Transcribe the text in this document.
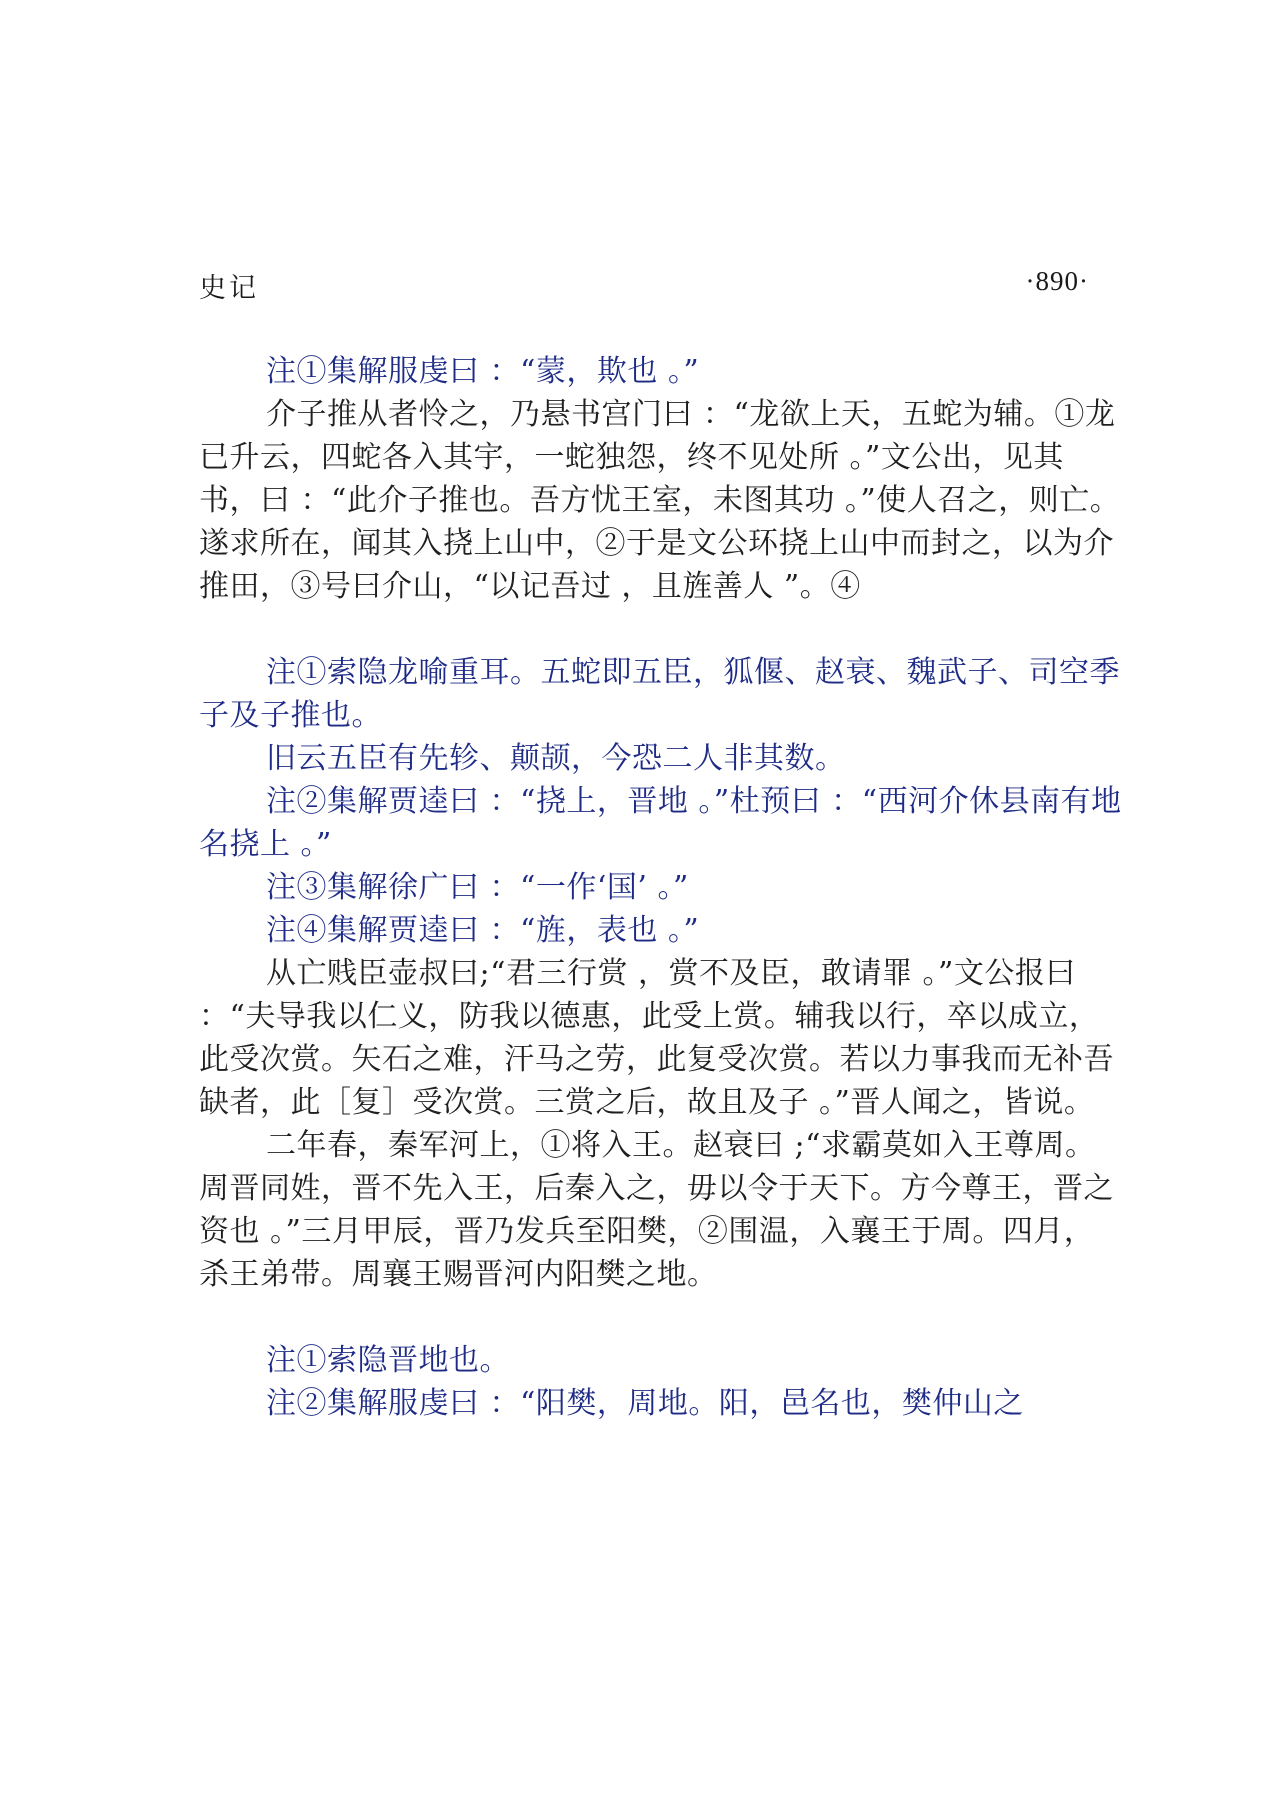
史记	·890·

注①集解服虔曰 ：“蒙，欺也 。”

介子推从者怜之，乃悬书宫门曰 ：“龙欲上天，五蛇为辅。①龙已升云，四蛇各入其宇，一蛇独怨，终不见处所 。”文公出，见其书，曰 ：“此介子推也。吾方忧王室，未图其功 。”使人召之，则亡。遂求所在，闻其入挠上山中，②于是文公环挠上山中而封之，以为介推田，③号曰介山，“以记吾过 ，且旌善人 ”。④

注①索隐龙喻重耳。五蛇即五臣，狐偃、赵衰、魏武子、司空季子及子推也。

旧云五臣有先轸、颠颉，今恐二人非其数。

注②集解贾逵曰 ：“挠上，晋地 。”杜预曰 ：“西河介休县南有地名挠上 。”

注③集解徐广曰 ：“一作‘国’ 。”

注④集解贾逵曰 ：“旌，表也 。”

从亡贱臣壶叔曰;“君三行赏 ，赏不及臣，敢请罪 。”文公报曰 ：“夫导我以仁义，防我以德惠，此受上赏。辅我以行，卒以成立，此受次赏。矢石之难，汗马之劳，此复受次赏。若以力事我而无补吾缺者，此［复］受次赏。三赏之后，故且及子 。”晋人闻之，皆说。

二年春，秦军河上，①将入王。赵衰曰 ;“求霸莫如入王尊周。周晋同姓，晋不先入王，后秦入之，毋以令于天下。方今尊王，晋之资也 。”三月甲辰，晋乃发兵至阳樊，②围温，入襄王于周。四月，杀王弟带。周襄王赐晋河内阳樊之地。

注①索隐晋地也。

注②集解服虔曰 ：“阳樊，周地。阳，邑名也，樊仲山之
